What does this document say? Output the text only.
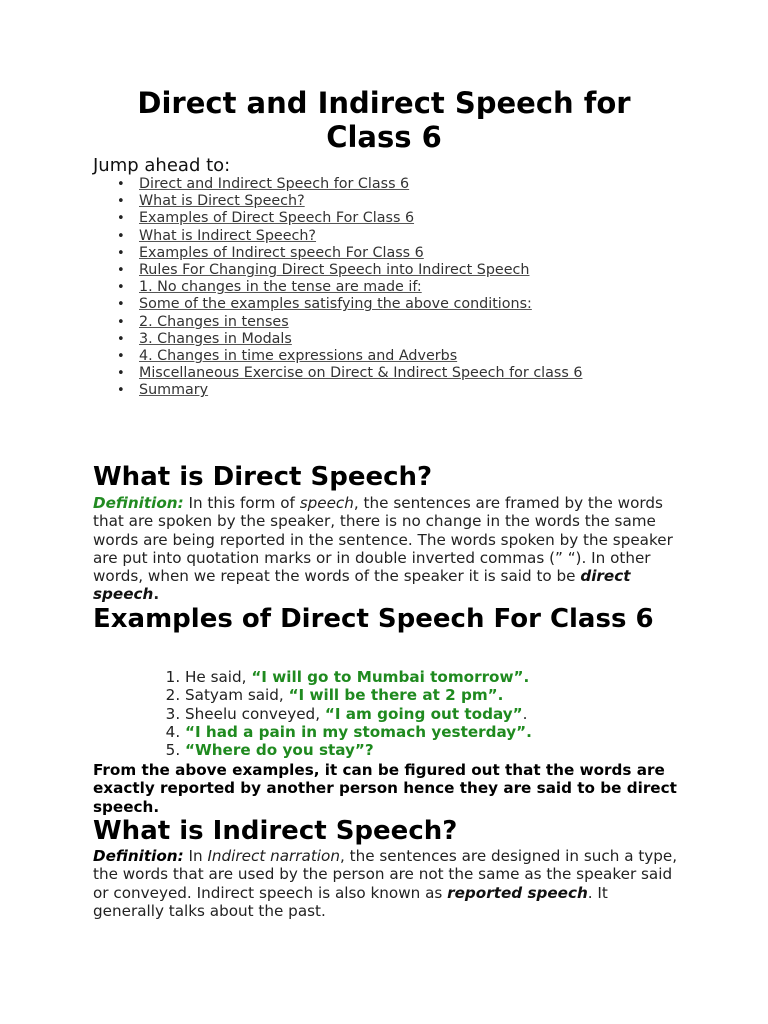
Direct and Indirect Speech for Class 6
Jump ahead to:
• Direct and Indirect Speech for Class 6
• What is Direct Speech?
• Examples of Direct Speech For Class 6
• What is Indirect Speech?
• Examples of Indirect speech For Class 6
• Rules For Changing Direct Speech into Indirect Speech
• 1. No changes in the tense are made if:
• Some of the examples satisfying the above conditions:
• 2. Changes in tenses
• 3. Changes in Modals
• 4. Changes in time expressions and Adverbs
• Miscellaneous Exercise on Direct & Indirect Speech for class 6
• Summary
What is Direct Speech?
Definition: In this form of speech, the sentences are framed by the words that are spoken by the speaker, there is no change in the words the same words are being reported in the sentence. The words spoken by the speaker are put into quotation marks or in double inverted commas (” “). In other words, when we repeat the words of the speaker it is said to be direct speech.
Examples of Direct Speech For Class 6
1. He said, “I will go to Mumbai tomorrow”.
2. Satyam said, “I will be there at 2 pm”.
3. Sheelu conveyed, “I am going out today”.
4. “I had a pain in my stomach yesterday”.
5. “Where do you stay”?
From the above examples, it can be figured out that the words are exactly reported by another person hence they are said to be direct speech.
What is Indirect Speech?
Definition: In Indirect narration, the sentences are designed in such a type, the words that are used by the person are not the same as the speaker said or conveyed. Indirect speech is also known as reported speech. It generally talks about the past.
